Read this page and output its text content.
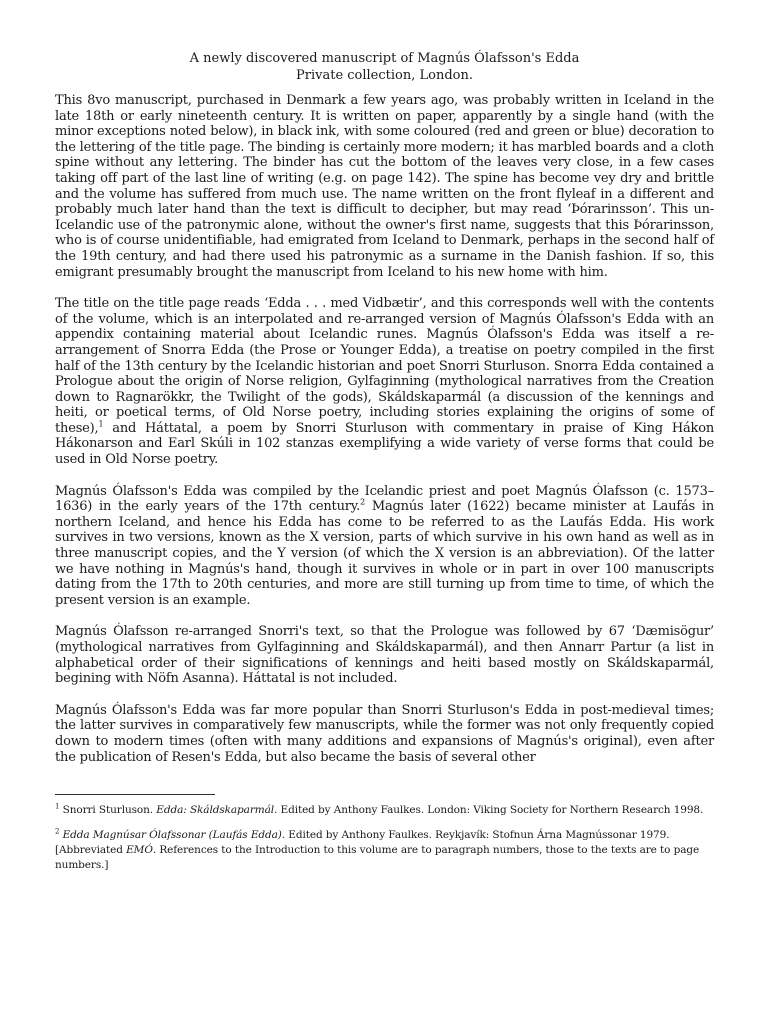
A newly discovered manuscript of Magnús Ólafsson's Edda
Private collection, London.

This 8vo manuscript, purchased in Denmark a few years ago, was probably written in Iceland in the late 18th or early nineteenth century. It is written on paper, apparently by a single hand (with the minor exceptions noted below), in black ink, with some coloured (red and green or blue) decoration to the lettering of the title page. The binding is certainly more modern; it has marbled boards and a cloth spine without any lettering. The binder has cut the bottom of the leaves very close, in a few cases taking off part of the last line of writing (e.g. on page 142). The spine has become vey dry and brittle and the volume has suffered from much use. The name written on the front flyleaf in a different and probably much later hand than the text is difficult to decipher, but may read ‘Þórarinsson’. This un-Icelandic use of the patronymic alone, without the owner's first name, suggests that this Þórarinsson, who is of course unidentifiable, had emigrated from Iceland to Denmark, perhaps in the second half of the 19th century, and had there used his patronymic as a surname in the Danish fashion. If so, this emigrant presumably brought the manuscript from Iceland to his new home with him.

The title on the title page reads ‘Edda . . . med Vidbætir’, and this corresponds well with the contents of the volume, which is an interpolated and re-arranged version of Magnús Ólafsson's Edda with an appendix containing material about Icelandic runes. Magnús Ólafsson's Edda was itself a re-arrangement of Snorra Edda (the Prose or Younger Edda), a treatise on poetry compiled in the first half of the 13th century by the Icelandic historian and poet Snorri Sturluson. Snorra Edda contained a Prologue about the origin of Norse religion, Gylfaginning (mythological narratives from the Creation down to Ragnarökkr, the Twilight of the gods), Skáldskaparmál (a discussion of the kennings and heiti, or poetical terms, of Old Norse poetry, including stories explaining the origins of some of these),$^1$ and Háttatal, a poem by Snorri Sturluson with commentary in praise of King Hákon Hákonarson and Earl Skúli in 102 stanzas exemplifying a wide variety of verse forms that could be used in Old Norse poetry.

Magnús Ólafsson's Edda was compiled by the Icelandic priest and poet Magnús Ólafsson (c. 1573–1636) in the early years of the 17th century.$^2$ Magnús later (1622) became minister at Laufás in northern Iceland, and hence his Edda has come to be referred to as the Laufás Edda. His work survives in two versions, known as the X version, parts of which survive in his own hand as well as in three manuscript copies, and the Y version (of which the X version is an abbreviation). Of the latter we have nothing in Magnús's hand, though it survives in whole or in part in over 100 manuscripts dating from the 17th to 20th centuries, and more are still turning up from time to time, of which the present version is an example.

Magnús Ólafsson re-arranged Snorri's text, so that the Prologue was followed by 67 ‘Dæmisögur’ (mythological narratives from Gylfaginning and Skáldskaparmál), and then Annarr Partur (a list in alphabetical order of their significations of kennings and heiti based mostly on Skáldskaparmál, begining with Nöfn Asanna). Háttatal is not included.

Magnús Ólafsson's Edda was far more popular than Snorri Sturluson's Edda in post-medieval times; the latter survives in comparatively few manuscripts, while the former was not only frequently copied down to modern times (often with many additions and expansions of Magnús's original), even after the publication of Resen's Edda, but also became the basis of several other

$^1$ Snorri Sturluson. Edda: Skáldskaparmál. Edited by Anthony Faulkes. London: Viking Society for Northern Research 1998.

$^2$ Edda Magnúsar Ólafssonar (Laufás Edda). Edited by Anthony Faulkes. Reykjavík: Stofnun Árna Magnússonar 1979. [Abbreviated EMÓ. References to the Introduction to this volume are to paragraph numbers, those to the texts are to page numbers.]
